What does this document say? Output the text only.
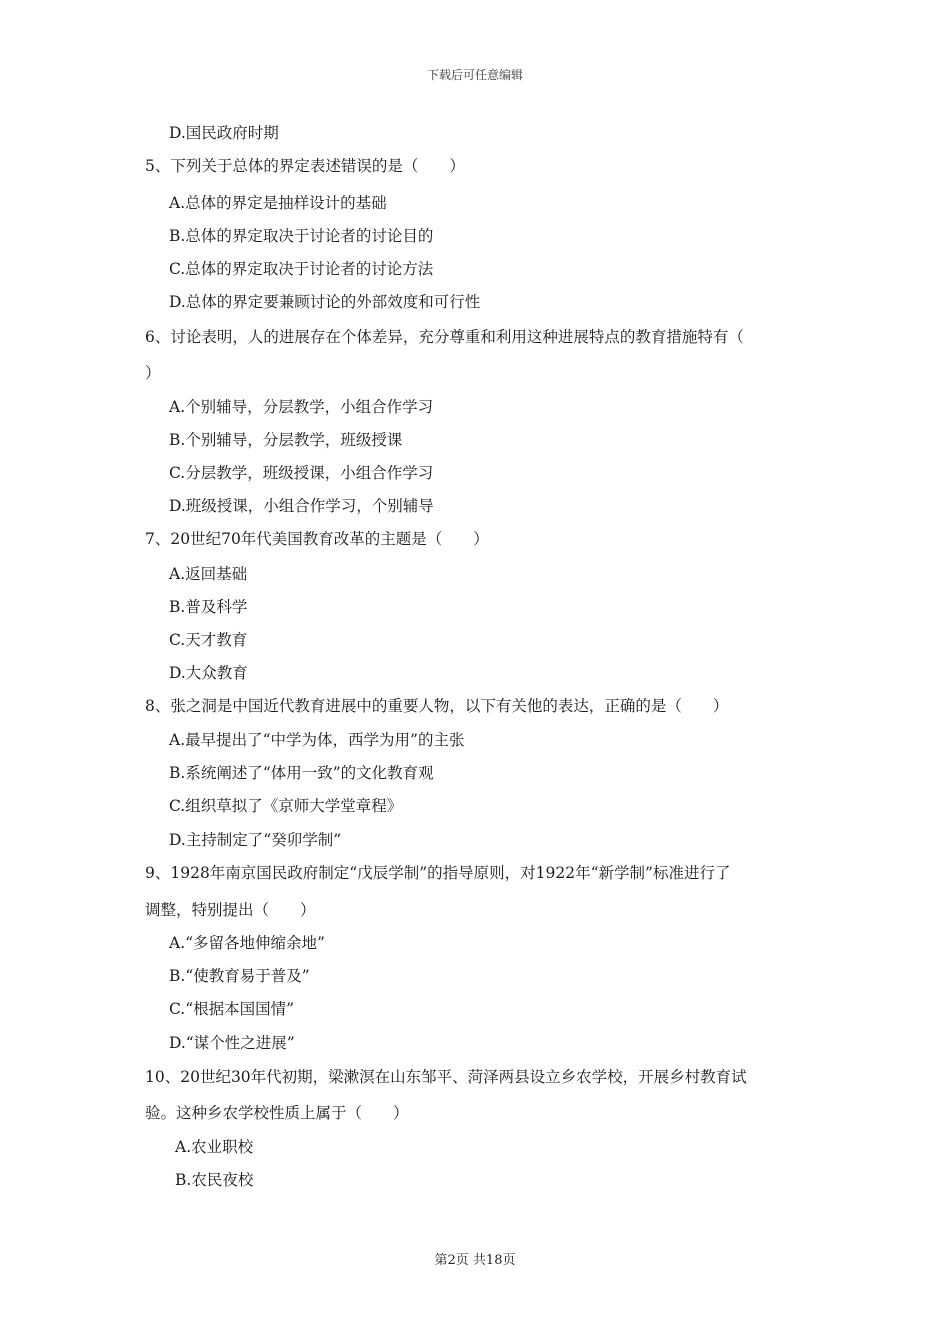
下载后可任意编辑
D.国民政府时期
5、下列关于总体的界定表述错误的是（　　）
A.总体的界定是抽样设计的基础
B.总体的界定取决于讨论者的讨论目的
C.总体的界定取决于讨论者的讨论方法
D.总体的界定要兼顾讨论的外部效度和可行性
6、讨论表明，人的进展存在个体差异，充分尊重和利用这种进展特点的教育措施特有（
）
A.个别辅导，分层教学，小组合作学习
B.个别辅导，分层教学，班级授课
C.分层教学，班级授课，小组合作学习
D.班级授课，小组合作学习，个别辅导
7、20世纪70年代美国教育改革的主题是（　　）
A.返回基础
B.普及科学
C.天才教育
D.大众教育
8、张之洞是中国近代教育进展中的重要人物，以下有关他的表达，正确的是（　　）
A.最早提出了“中学为体，西学为用”的主张
B.系统阐述了“体用一致”的文化教育观
C.组织草拟了《京师大学堂章程》
D.主持制定了“癸卯学制”
9、1928年南京国民政府制定“戊辰学制”的指导原则，对1922年“新学制”标准进行了
调整，特别提出（　　）
A.“多留各地伸缩余地”
B.“使教育易于普及”
C.“根据本国国情”
D.“谋个性之进展”
10、20世纪30年代初期，梁漱溟在山东邹平、菏泽两县设立乡农学校，开展乡村教育试
验。这种乡农学校性质上属于（　　）
A.农业职校
B.农民夜校
第2页 共18页
